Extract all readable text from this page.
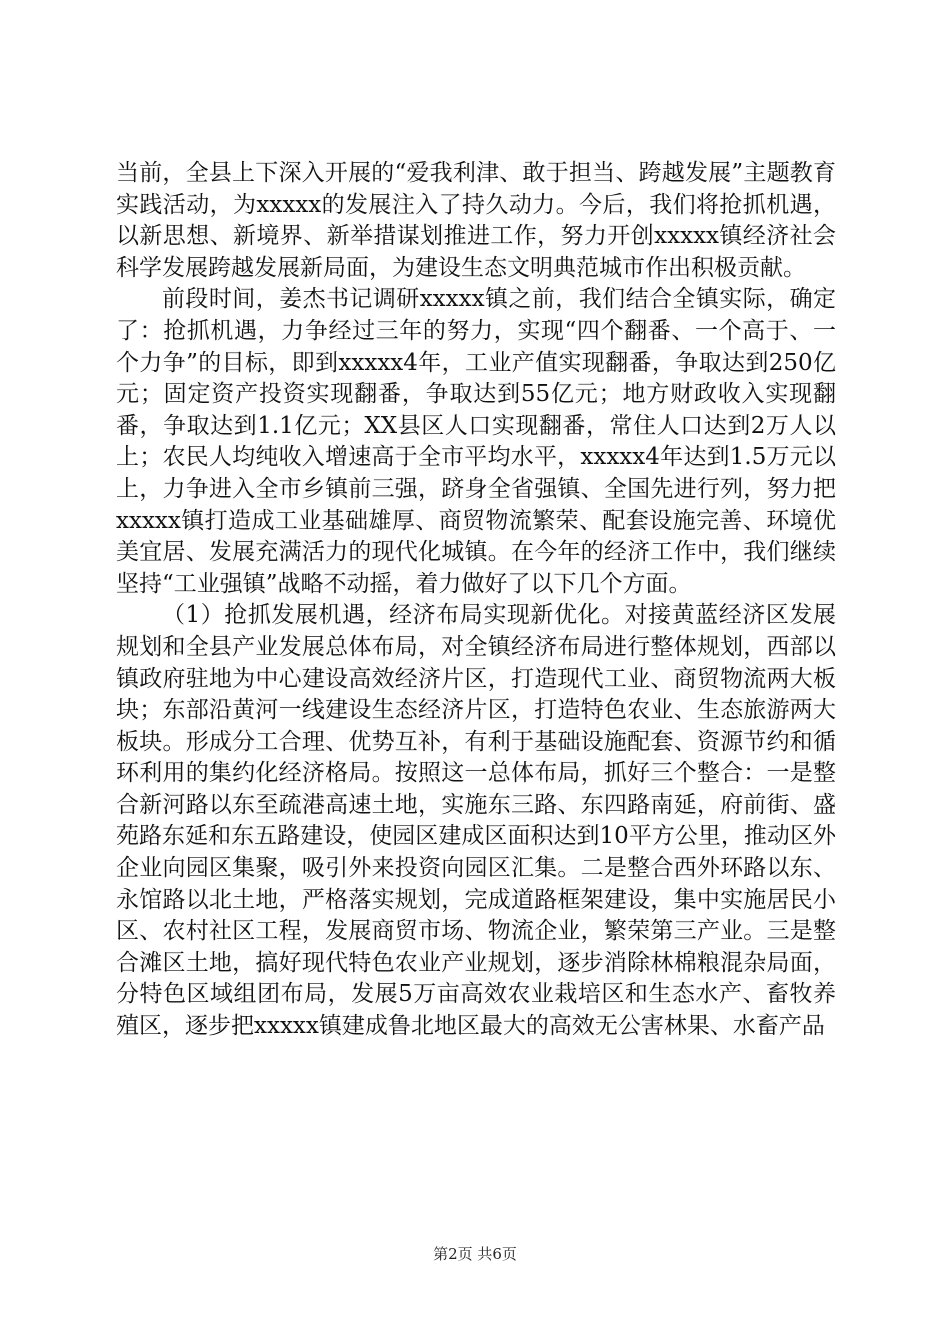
当前，全县上下深入开展的“爱我利津、敢于担当、跨越发展”主题教育实践活动，为xxxxx的发展注入了持久动力。今后，我们将抢抓机遇，以新思想、新境界、新举措谋划推进工作，努力开创xxxxx镇经济社会科学发展跨越发展新局面，为建设生态文明典范城市作出积极贡献。

前段时间，姜杰书记调研xxxxx镇之前，我们结合全镇实际，确定了：抢抓机遇，力争经过三年的努力，实现“四个翻番、一个高于、一个力争”的目标，即到xxxxx4年，工业产值实现翻番，争取达到250亿元；固定资产投资实现翻番，争取达到55亿元；地方财政收入实现翻番，争取达到1.1亿元；XX县区人口实现翻番，常住人口达到2万人以上；农民人均纯收入增速高于全市平均水平，xxxxx4年达到1.5万元以上，力争进入全市乡镇前三强，跻身全省强镇、全国先进行列，努力把xxxxx镇打造成工业基础雄厚、商贸物流繁荣、配套设施完善、环境优美宜居、发展充满活力的现代化城镇。在今年的经济工作中，我们继续坚持“工业强镇”战略不动摇，着力做好了以下几个方面。

（1）抢抓发展机遇，经济布局实现新优化。对接黄蓝经济区发展规划和全县产业发展总体布局，对全镇经济布局进行整体规划，西部以镇政府驻地为中心建设高效经济片区，打造现代工业、商贸物流两大板块；东部沿黄河一线建设生态经济片区，打造特色农业、生态旅游两大板块。形成分工合理、优势互补，有利于基础设施配套、资源节约和循环利用的集约化经济格局。按照这一总体布局，抓好三个整合：一是整合新河路以东至疏港高速土地，实施东三路、东四路南延，府前街、盛苑路东延和东五路建设，使园区建成区面积达到10平方公里，推动区外企业向园区集聚，吸引外来投资向园区汇集。二是整合西外环路以东、永馆路以北土地，严格落实规划，完成道路框架建设，集中实施居民小区、农村社区工程，发展商贸市场、物流企业，繁荣第三产业。三是整合滩区土地，搞好现代特色农业产业规划，逐步消除林棉粮混杂局面，分特色区域组团布局，发展5万亩高效农业栽培区和生态水产、畜牧养殖区，逐步把xxxxx镇建成鲁北地区最大的高效无公害林果、水畜产品

第2页 共6页
